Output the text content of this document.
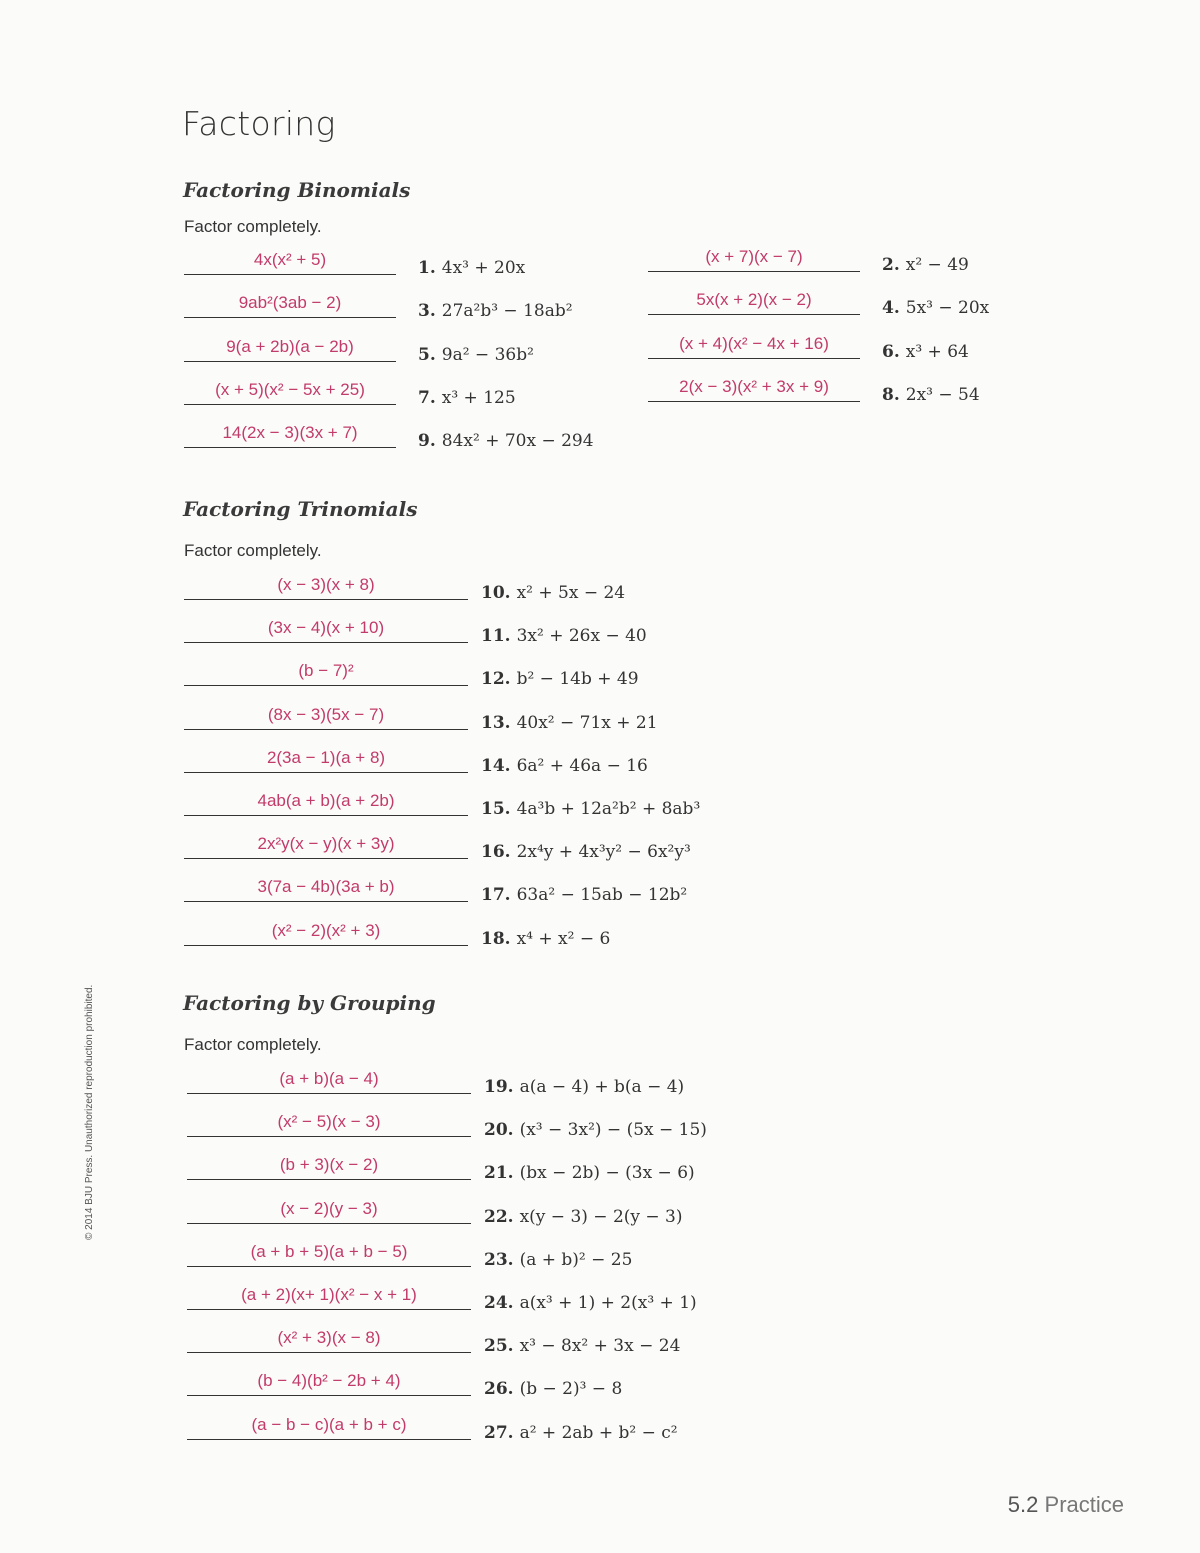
Factoring
Factoring Binomials
Factor completely.
4x(x² + 5)	1. 4x³ + 20x
9ab²(3ab − 2)	3. 27a²b³ − 18ab²
9(a + 2b)(a − 2b)	5. 9a² − 36b²
(x + 5)(x² − 5x + 25)	7. x³ + 125
14(2x − 3)(3x + 7)	9. 84x² + 70x − 294
(x + 7)(x − 7)	2. x² − 49
5x(x + 2)(x − 2)	4. 5x³ − 20x
(x + 4)(x² − 4x + 16)	6. x³ + 64
2(x − 3)(x² + 3x + 9)	8. 2x³ − 54
Factoring Trinomials
Factor completely.
(x − 3)(x + 8)	10. x² + 5x − 24
(3x − 4)(x + 10)	11. 3x² + 26x − 40
(b − 7)²	12. b² − 14b + 49
(8x − 3)(5x − 7)	13. 40x² − 71x + 21
2(3a − 1)(a + 8)	14. 6a² + 46a − 16
4ab(a + b)(a + 2b)	15. 4a³b + 12a²b² + 8ab³
2x²y(x − y)(x + 3y)	16. 2x⁴y + 4x³y² − 6x²y³
3(7a − 4b)(3a + b)	17. 63a² − 15ab − 12b²
(x² − 2)(x² + 3)	18. x⁴ + x² − 6
Factoring by Grouping
Factor completely.
(a + b)(a − 4)	19. a(a − 4) + b(a − 4)
(x² − 5)(x − 3)	20. (x³ − 3x²) − (5x − 15)
(b + 3)(x − 2)	21. (bx − 2b) − (3x − 6)
(x − 2)(y − 3)	22. x(y − 3) − 2(y − 3)
(a + b + 5)(a + b − 5)	23. (a + b)² − 25
(a + 2)(x+ 1)(x² − x + 1)	24. a(x³ + 1) + 2(x³ + 1)
(x² + 3)(x − 8)	25. x³ − 8x² + 3x − 24
(b − 4)(b² − 2b + 4)	26. (b − 2)³ − 8
(a − b − c)(a + b + c)	27. a² + 2ab + b² − c²
© 2014 BJU Press. Unauthorized reproduction prohibited.
5.2 Practice
